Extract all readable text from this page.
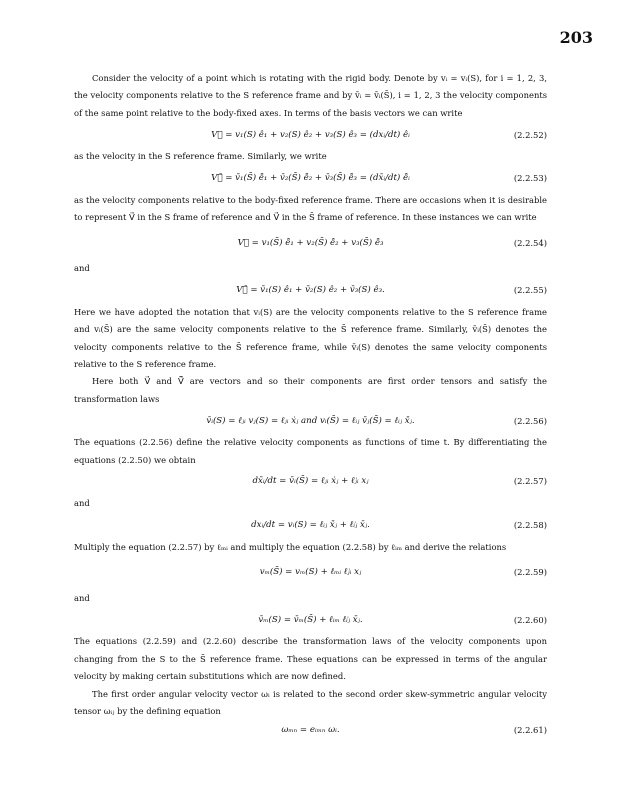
203

Consider the velocity of a point which is rotating with the rigid body. Denote by vᵢ = vᵢ(S), for i = 1, 2, 3, the velocity components relative to the S reference frame and by v̄ᵢ = v̄ᵢ(S̄), i = 1, 2, 3 the velocity components of the same point relative to the body-fixed axes. In terms of the basis vectors we can write

V⃗ = v₁(S) ê₁ + v₂(S) ê₂ + v₃(S) ê₃ = (dxᵢ/dt) êᵢ	(2.2.52)

as the velocity in the S reference frame. Similarly, we write

V⃗̄ = v̄₁(S̄) ê̄₁ + v̄₂(S̄) ê̄₂ + v̄₃(S̄) ê̄₃ = (dx̄ᵢ/dt) ê̄ᵢ	(2.2.53)

as the velocity components relative to the body-fixed reference frame. There are occasions when it is desirable to represent V⃗ in the S frame of reference and V⃗ in the S̄ frame of reference. In these instances we can write

V⃗ = v₁(S̄) ê̄₁ + v₂(S̄) ê̄₂ + v₃(S̄) ê̄₃	(2.2.54)

and

V⃗̄ = v̄₁(S) ê₁ + v̄₂(S) ê₂ + v̄₃(S) ê₃.	(2.2.55)

Here we have adopted the notation that vᵢ(S) are the velocity components relative to the S reference frame and vᵢ(S̄) are the same velocity components relative to the S̄ reference frame. Similarly, v̄ᵢ(S̄) denotes the velocity components relative to the S̄ reference frame, while v̄ᵢ(S) denotes the same velocity components relative to the S reference frame.

Here both V⃗ and V⃗̄ are vectors and so their components are first order tensors and satisfy the transformation laws

v̄ᵢ(S) = ℓⱼᵢ vⱼ(S) = ℓⱼᵢ ẋⱼ and vᵢ(S̄) = ℓᵢⱼ v̄ⱼ(S̄) = ℓᵢⱼ x̄̇ⱼ.	(2.2.56)

The equations (2.2.56) define the relative velocity components as functions of time t. By differentiating the equations (2.2.50) we obtain

dx̄ᵢ/dt = v̄ᵢ(S̄) = ℓⱼᵢ ẋⱼ + ℓ̇ⱼᵢ xⱼ	(2.2.57)

and

dxᵢ/dt = vᵢ(S) = ℓᵢⱼ x̄̇ⱼ + ℓ̇ᵢⱼ x̄ⱼ.	(2.2.58)

Multiply the equation (2.2.57) by ℓₘᵢ and multiply the equation (2.2.58) by ℓᵢₘ and derive the relations

vₘ(S̄) = vₘ(S) + ℓₘᵢ ℓ̇ⱼᵢ xⱼ	(2.2.59)

and

v̄ₘ(S) = v̄ₘ(S̄) + ℓᵢₘ ℓ̇ᵢⱼ x̄ⱼ.	(2.2.60)

The equations (2.2.59) and (2.2.60) describe the transformation laws of the velocity components upon changing from the S to the S̄ reference frame. These equations can be expressed in terms of the angular velocity by making certain substitutions which are now defined.

The first order angular velocity vector ωᵢ is related to the second order skew-symmetric angular velocity tensor ωᵢⱼ by the defining equation

ωₘₙ = eᵢₘₙ ωᵢ.	(2.2.61)
